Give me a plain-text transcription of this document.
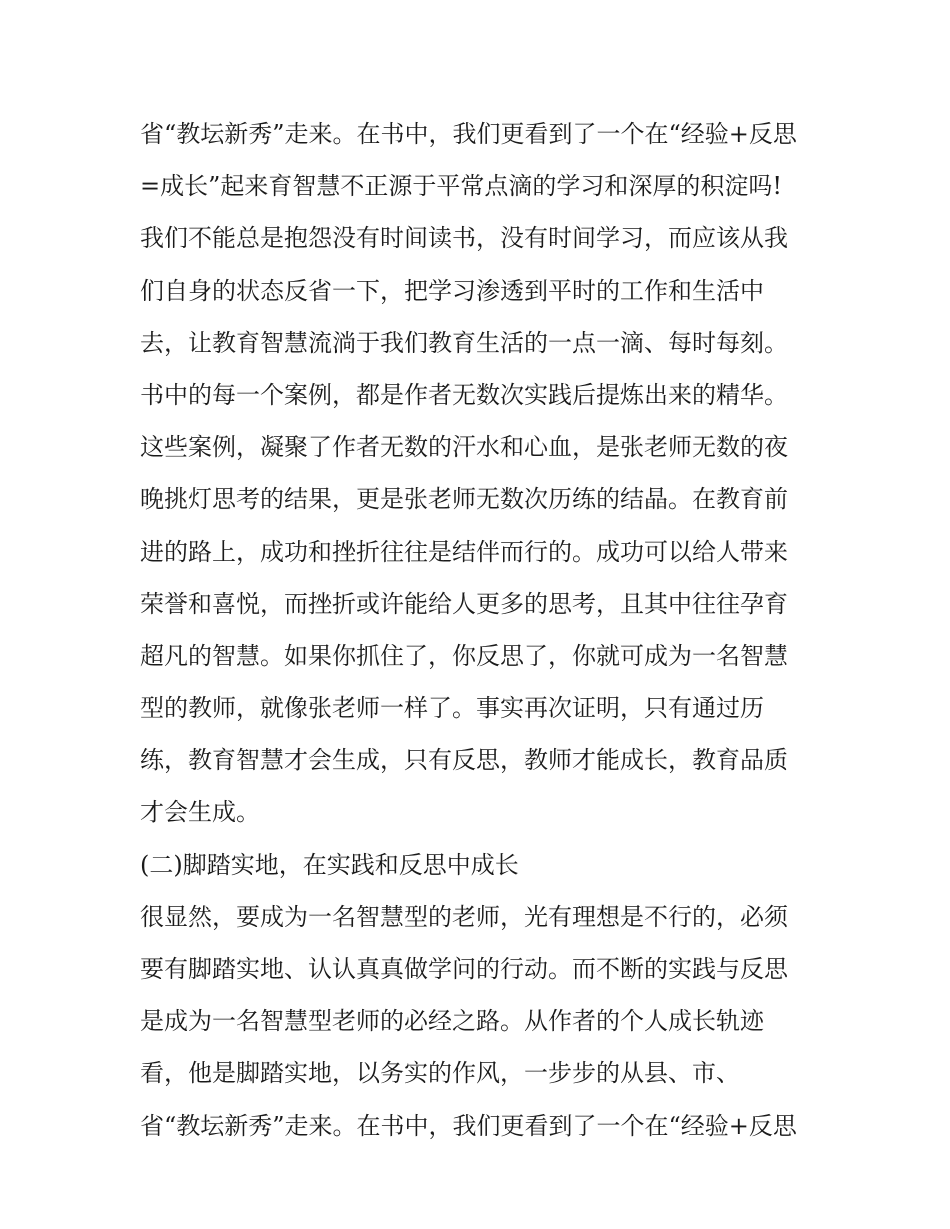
省“教坛新秀”走来。在书中，我们更看到了一个在“经验+反思
=成长”起来育智慧不正源于平常点滴的学习和深厚的积淀吗!
我们不能总是抱怨没有时间读书，没有时间学习，而应该从我
们自身的状态反省一下，把学习渗透到平时的工作和生活中
去，让教育智慧流淌于我们教育生活的一点一滴、每时每刻。
书中的每一个案例，都是作者无数次实践后提炼出来的精华。
这些案例，凝聚了作者无数的汗水和心血，是张老师无数的夜
晚挑灯思考的结果，更是张老师无数次历练的结晶。在教育前
进的路上，成功和挫折往往是结伴而行的。成功可以给人带来
荣誉和喜悦，而挫折或许能给人更多的思考，且其中往往孕育
超凡的智慧。如果你抓住了，你反思了，你就可成为一名智慧
型的教师，就像张老师一样了。事实再次证明，只有通过历
练，教育智慧才会生成，只有反思，教师才能成长，教育品质
才会生成。
(二)脚踏实地，在实践和反思中成长
很显然，要成为一名智慧型的老师，光有理想是不行的，必须
要有脚踏实地、认认真真做学问的行动。而不断的实践与反思
是成为一名智慧型老师的必经之路。从作者的个人成长轨迹
看，他是脚踏实地，以务实的作风，一步步的从县、市、
省“教坛新秀”走来。在书中，我们更看到了一个在“经验+反思
